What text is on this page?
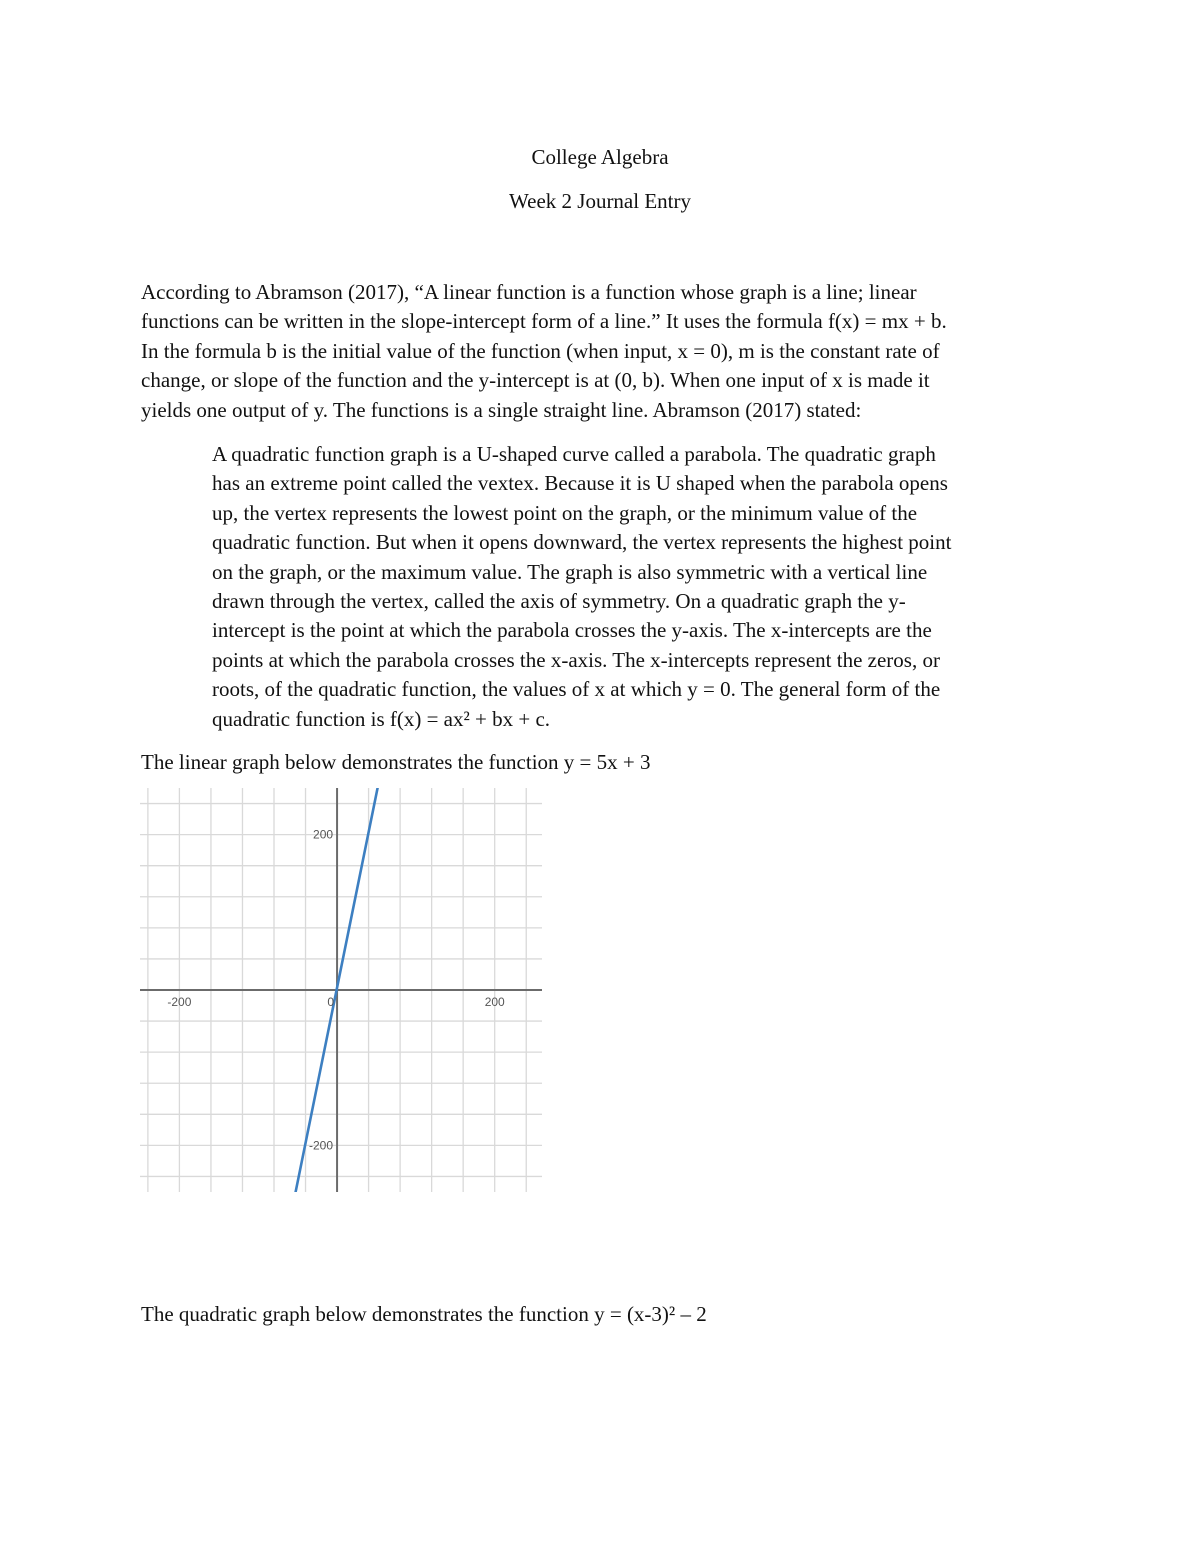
College Algebra
Week 2 Journal Entry
According to Abramson (2017), “A linear function is a function whose graph is a line; linear
functions can be written in the slope-intercept form of a line.” It uses the formula f(x) = mx + b.
In the formula b is the initial value of the function (when input, x = 0), m is the constant rate of
change, or slope of the function and the y-intercept is at (0, b). When one input of x is made it
yields one output of y. The functions is a single straight line. Abramson (2017) stated:
A quadratic function graph is a U-shaped curve called a parabola. The quadratic graph
has an extreme point called the vextex. Because it is U shaped when the parabola opens
up, the vertex represents the lowest point on the graph, or the minimum value of the
quadratic function. But when it opens downward, the vertex represents the highest point
on the graph, or the maximum value. The graph is also symmetric with a vertical line
drawn through the vertex, called the axis of symmetry. On a quadratic graph the y-
intercept is the point at which the parabola crosses the y-axis. The x-intercepts are the
points at which the parabola crosses the x-axis. The x-intercepts represent the zeros, or
roots, of the quadratic function, the values of x at which y = 0. The general form of the
quadratic function is f(x) = ax² + bx + c.
The linear graph below demonstrates the function y = 5x + 3
-200	0	200
200
-200
The quadratic graph below demonstrates the function y = (x-3)² – 2
